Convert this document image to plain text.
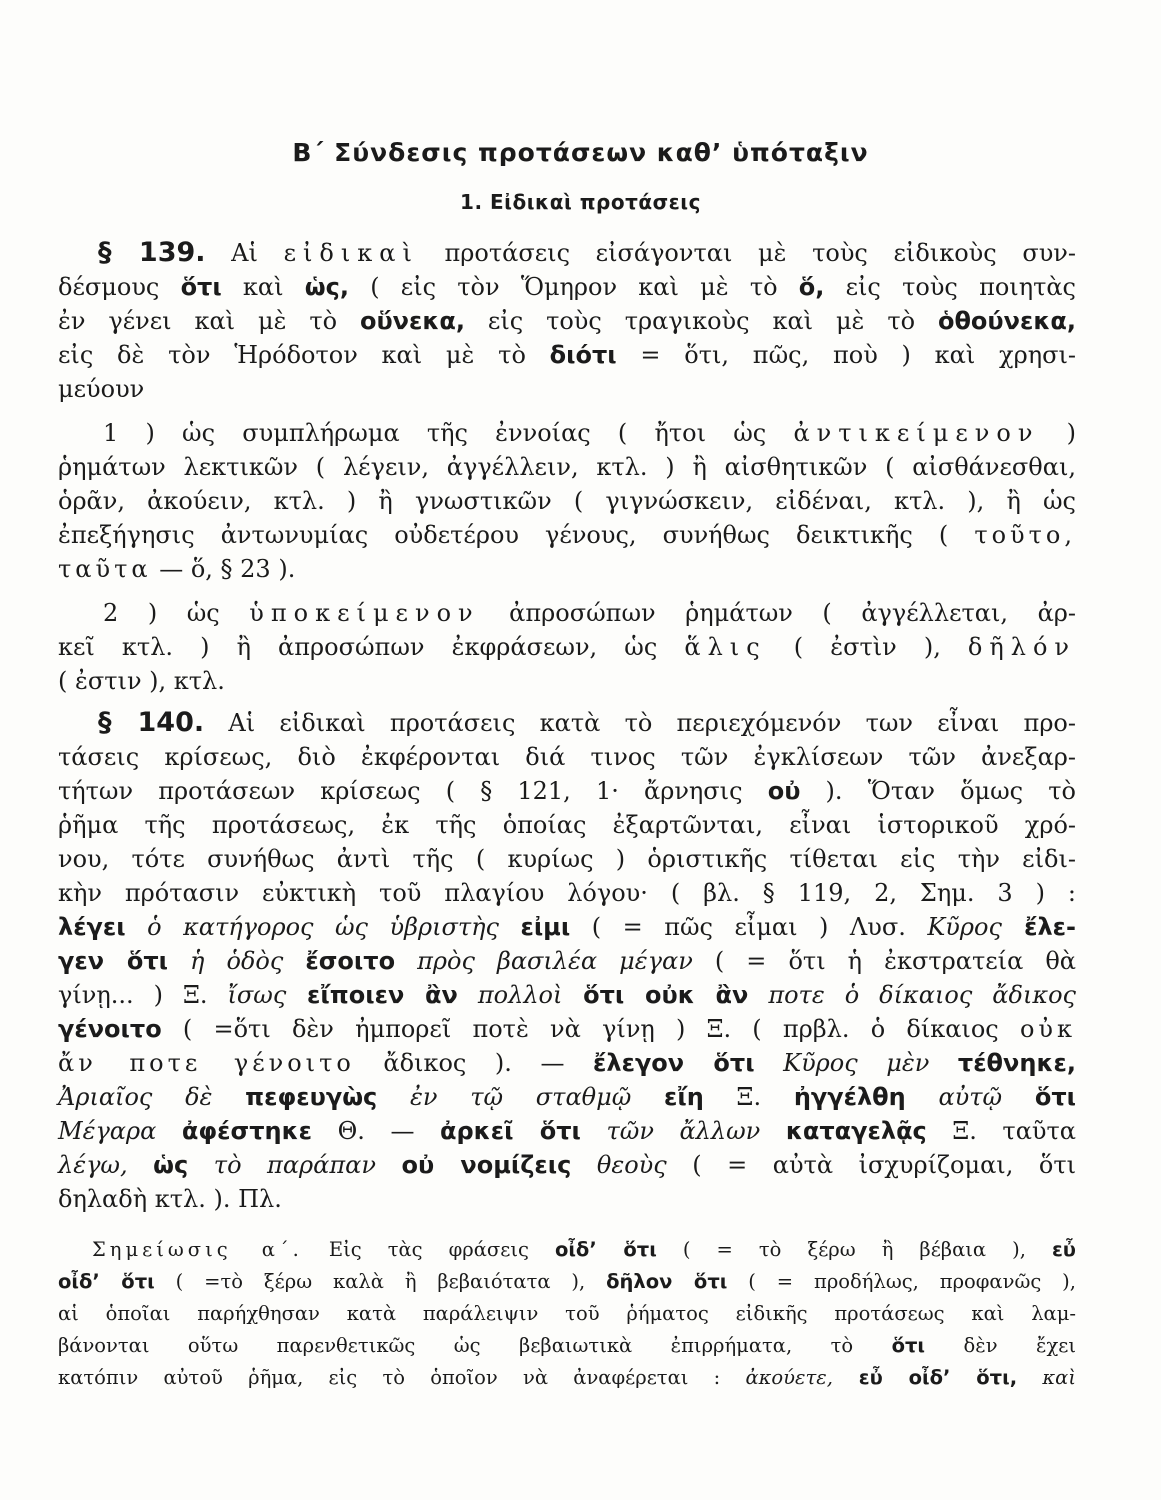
Β΄ Σύνδεσις προτάσεων καθ’ ὑπόταξιν
1. Εἰδικαὶ προτάσεις
§ 139. Αἱ εἰδικαὶ προτάσεις εἰσάγονται μὲ τοὺς εἰδικοὺς συν-
δέσμους ὅτι καὶ ὡς, ( εἰς τὸν Ὅμηρον καὶ μὲ τὸ ὅ, εἰς τοὺς ποιητὰς
ἐν γένει καὶ μὲ τὸ οὕνεκα, εἰς τοὺς τραγικοὺς καὶ μὲ τὸ ὁθούνεκα,
εἰς δὲ τὸν Ἡρόδοτον καὶ μὲ τὸ διότι = ὅτι, πῶς, ποὺ ) καὶ χρησι-
μεύουν
1 ) ὡς συμπλήρωμα τῆς ἐννοίας ( ἤτοι ὡς ἀντικείμενον )
ῥημάτων λεκτικῶν ( λέγειν, ἀγγέλλειν, κτλ. ) ἢ αἰσθητικῶν ( αἰσθάνεσθαι,
ὁρᾶν, ἀκούειν, κτλ. ) ἢ γνωστικῶν ( γιγνώσκειν, εἰδέναι, κτλ. ), ἢ ὡς
ἐπεξήγησις ἀντωνυμίας οὐδετέρου γένους, συνήθως δεικτικῆς ( τοῦτο,
ταῦτα — ὅ, § 23 ).
2 ) ὡς ὑποκείμενον ἀπροσώπων ῥημάτων ( ἀγγέλλεται, ἀρ-
κεῖ κτλ. ) ἢ ἀπροσώπων ἐκφράσεων, ὡς ἅλις ( ἐστὶν ), δῆλόν
( ἐστιν ), κτλ.
§ 140. Αἱ εἰδικαὶ προτάσεις κατὰ τὸ περιεχόμενόν των εἶναι προ-
τάσεις κρίσεως, διὸ ἐκφέρονται διά τινος τῶν ἐγκλίσεων τῶν ἀνεξαρ-
τήτων προτάσεων κρίσεως ( § 121, 1· ἄρνησις οὐ ). Ὅταν ὅμως τὸ
ῥῆμα τῆς προτάσεως, ἐκ τῆς ὁποίας ἐξαρτῶνται, εἶναι ἱστορικοῦ χρό-
νου, τότε συνήθως ἀντὶ τῆς ( κυρίως ) ὁριστικῆς τίθεται εἰς τὴν εἰδι-
κὴν πρότασιν εὐκτικὴ τοῦ πλαγίου λόγου· ( βλ. § 119, 2, Σημ. 3 ) :
λέγει ὁ κατήγορος ὡς ὑβριστὴς εἰμι ( = πῶς εἶμαι ) Λυσ. Κῦρος ἔλε-
γεν ὅτι ἡ ὁδὸς ἔσοιτο πρὸς βασιλέα μέγαν ( = ὅτι ἡ ἐκστρατεία θὰ
γίνῃ... ) Ξ. ἴσως εἴποιεν ἂν πολλοὶ ὅτι οὐκ ἂν ποτε ὁ δίκαιος ἄδικος
γένοιτο ( =ὅτι δὲν ἠμπορεῖ ποτὲ νὰ γίνῃ ) Ξ. ( πρβλ. ὁ δίκαιος οὐκ
ἄν ποτε γένοιτο ἄδικος ). — ἔλεγον ὅτι Κῦρος μὲν τέθνηκε,
Ἀριαῖος δὲ πεφευγὼς ἐν τῷ σταθμῷ εἴη Ξ. ἠγγέλθη αὐτῷ ὅτι
Μέγαρα ἀφέστηκε Θ. — ἀρκεῖ ὅτι τῶν ἄλλων καταγελᾷς Ξ. ταῦτα
λέγω, ὡς τὸ παράπαν οὐ νομίζεις θεοὺς ( = αὐτὰ ἰσχυρίζομαι, ὅτι
δηλαδὴ κτλ. ). Πλ.
Σημείωσις α΄. Εἰς τὰς φράσεις οἶδ’ ὅτι ( = τὸ ξέρω ἢ βέβαια ), εὖ
οἶδ’ ὅτι ( =τὸ ξέρω καλὰ ἢ βεβαιότατα ), δῆλον ὅτι ( = προδήλως, προφανῶς ),
αἱ ὁποῖαι παρήχθησαν κατὰ παράλειψιν τοῦ ῥήματος εἰδικῆς προτάσεως καὶ λαμ-
βάνονται οὕτω παρενθετικῶς ὡς βεβαιωτικὰ ἐπιρρήματα, τὸ ὅτι δὲν ἔχει
κατόπιν αὐτοῦ ῥῆμα, εἰς τὸ ὁποῖον νὰ ἀναφέρεται : ἀκούετε, εὖ οἶδ’ ὅτι, καὶ
